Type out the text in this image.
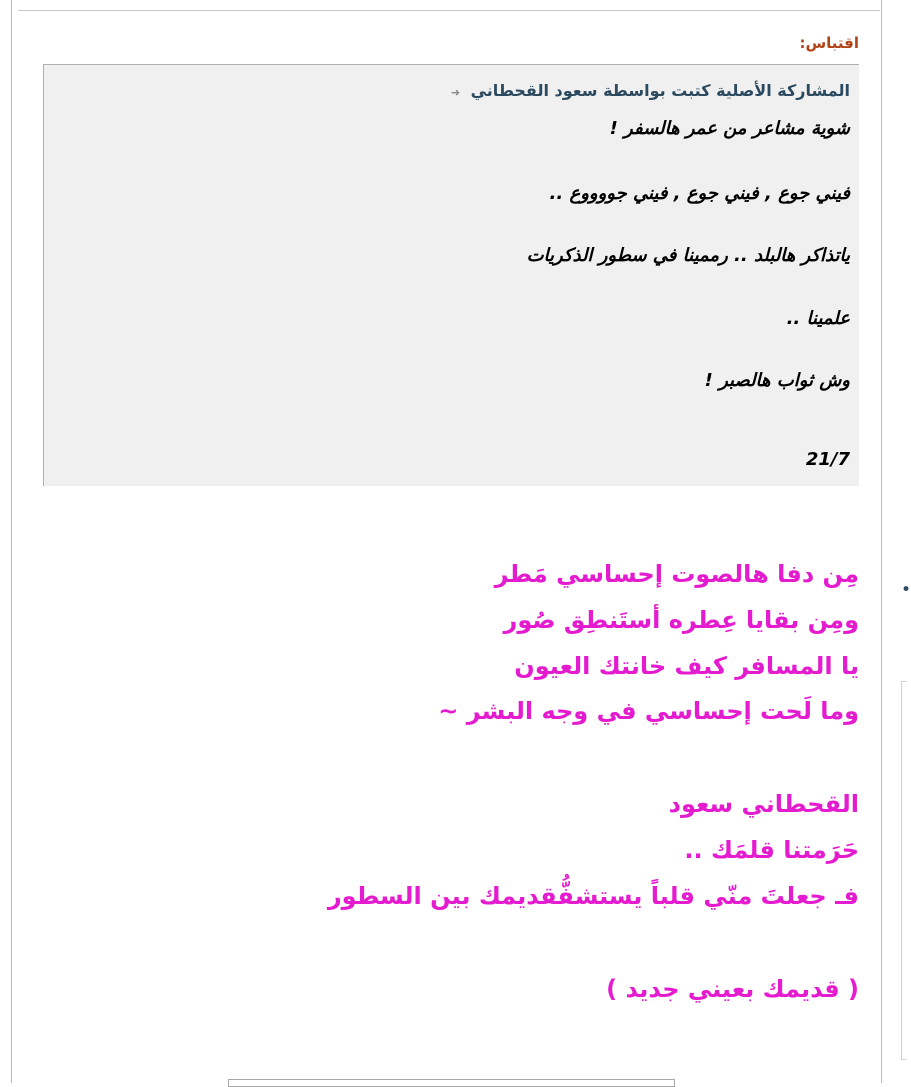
اقتباس:
المشاركة الأصلية كتبت بواسطة سعود القحطاني ➜
شوية مشاعر من عمر هالسفر !
فيني جوع , فيني جوع , فيني جووووع ..
ياتذاكر هالبلد .. رممينا في سطور الذكريات
علمينا ..
وش ثواب هالصبر !
21/7
مِن دفا هالصوت إحساسي مَطر
ومِن بقايا عِطره أستَنطِق صُور
يا المسافر كيف خانتك العيون
وما لَحت إحساسي في وجه البشر ~
القحطاني سعود
حَرَمتنا قلمَك ..
فـ جعلتَ منّي قلباً يستشفُّقديمك بين السطور
( قديمك بعيني جديد )
•
